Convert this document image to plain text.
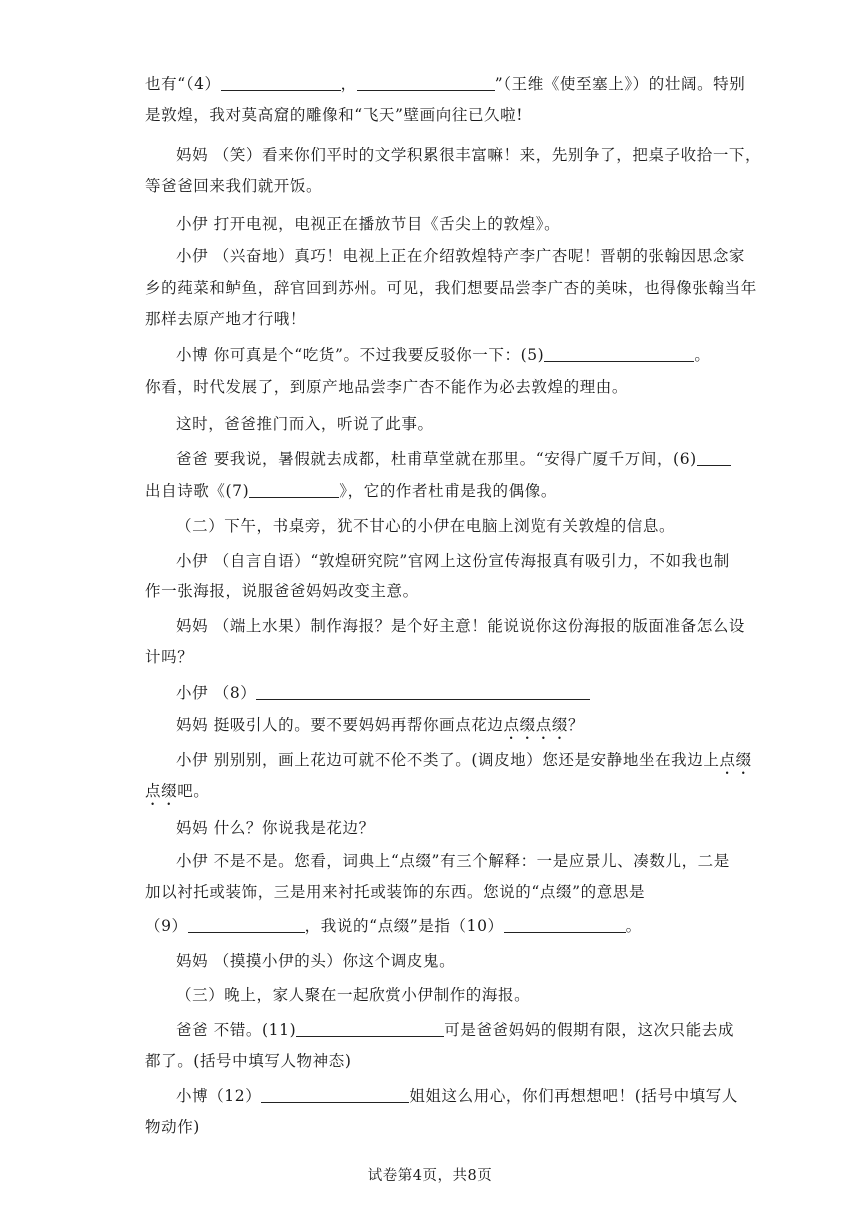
也有“（4）	，	”（王维《使至塞上》）的壮阔。特别
是敦煌，我对莫高窟的雕像和“飞天”壁画向往已久啦!
妈妈 （笑）看来你们平时的文学积累很丰富嘛！来，先别争了，把桌子收拾一下，
等爸爸回来我们就开饭。
小伊 打开电视，电视正在播放节目《舌尖上的敦煌》。
小伊 （兴奋地）真巧！电视上正在介绍敦煌特产李广杏呢！晋朝的张翰因思念家
乡的莼菜和鲈鱼，辞官回到苏州。可见，我们想要品尝李广杏的美味，也得像张翰当年
那样去原产地才行哦！
小博 你可真是个“吃货”。不过我要反驳你一下：(5)	。
你看，时代发展了，到原产地品尝李广杏不能作为必去敦煌的理由。
这时，爸爸推门而入，听说了此事。
爸爸 要我说，暑假就去成都，杜甫草堂就在那里。“安得广厦千万间，(6)
出自诗歌《(7)	》，它的作者杜甫是我的偶像。
（二）下午，书桌旁，犹不甘心的小伊在电脑上浏览有关敦煌的信息。
小伊 （自言自语）“敦煌研究院”官网上这份宣传海报真有吸引力，不如我也制
作一张海报，说服爸爸妈妈改变主意。
妈妈 （端上水果）制作海报？是个好主意！能说说你这份海报的版面准备怎么设
计吗？
小伊 （8）
妈妈 挺吸引人的。要不要妈妈再帮你画点花边点缀点缀？
小伊 别别别，画上花边可就不伦不类了。(调皮地）您还是安静地坐在我边上点缀
点缀吧。
妈妈 什么？你说我是花边？
小伊 不是不是。您看，词典上“点缀”有三个解释：一是应景儿、凑数儿，二是
加以衬托或装饰，三是用来衬托或装饰的东西。您说的“点缀”的意思是
（9）	，我说的“点缀”是指（10）	。
妈妈 （摸摸小伊的头）你这个调皮鬼。
（三）晚上，家人聚在一起欣赏小伊制作的海报。
爸爸 不错。(11)	可是爸爸妈妈的假期有限，这次只能去成
都了。(括号中填写人物神态)
小博（12）	姐姐这么用心，你们再想想吧！(括号中填写人
物动作)
试卷第4页，共8页
